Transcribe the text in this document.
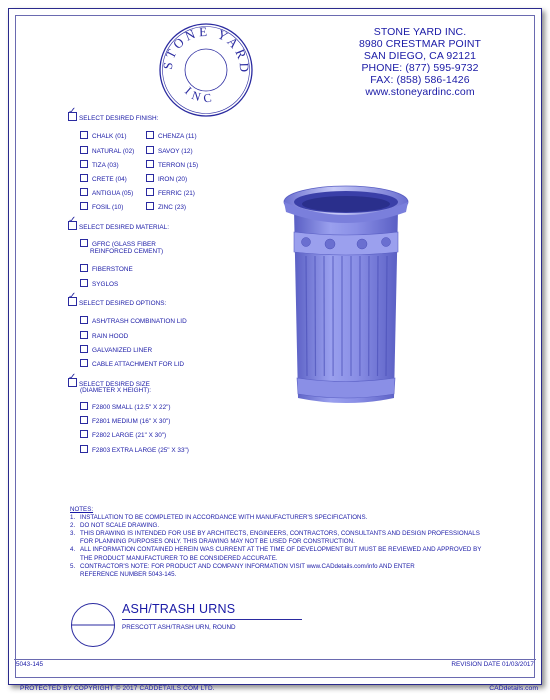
STONE YARD
INC
STONE YARD INC.
8980 CRESTMAR POINT
SAN DIEGO, CA 92121
PHONE: (877) 595-9732
FAX: (858) 586-1426
www.stoneyardinc.com
✓SELECT DESIRED FINISH:
CHALK (01)
NATURAL (02)
TIZA (03)
CRETE (04)
ANTIGUA (05)
FOSIL (10)
CHENZA (11)
SAVOY (12)
TERRON (15)
IRON (20)
FERRIC (21)
ZINC (23)
✓SELECT DESIRED MATERIAL:
GFRC (GLASS FIBER
REINFORCED CEMENT)
FIBERSTONE
SYGLOS
✓SELECT DESIRED OPTIONS:
ASH/TRASH COMBINATION LID
RAIN HOOD
GALVANIZED LINER
CABLE ATTACHMENT FOR LID
✓SELECT DESIRED SIZE
(DIAMETER X HEIGHT):
F2800 SMALL (12.5" X 22")
F2801 MEDIUM (16" X 30")
F2802 LARGE (21" X 30")
F2803 EXTRA LARGE (25" X 33")
NOTES:
1. INSTALLATION TO BE COMPLETED IN ACCORDANCE WITH MANUFACTURER'S SPECIFICATIONS.
2. DO NOT SCALE DRAWING.
3. THIS DRAWING IS INTENDED FOR USE BY ARCHITECTS, ENGINEERS, CONTRACTORS, CONSULTANTS AND DESIGN PROFESSIONALS
FOR PLANNING PURPOSES ONLY. THIS DRAWING MAY NOT BE USED FOR CONSTRUCTION.
4. ALL INFORMATION CONTAINED HEREIN WAS CURRENT AT THE TIME OF DEVELOPMENT BUT MUST BE REVIEWED AND APPROVED BY
THE PRODUCT MANUFACTURER TO BE CONSIDERED ACCURATE.
5. CONTRACTOR'S NOTE: FOR PRODUCT AND COMPANY INFORMATION VISIT www.CADdetails.com/info AND ENTER
REFERENCE NUMBER 5043-145.
ASH/TRASH URNS
PRESCOTT ASH/TRASH URN, ROUND
5043-145	REVISION DATE 01/03/2017
PROTECTED BY COPYRIGHT © 2017 CADDETAILS.COM LTD.	CADdetails.com
